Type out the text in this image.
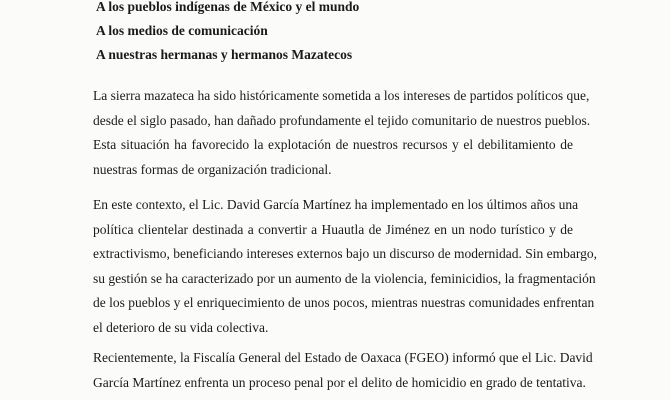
A los pueblos indígenas de México y el mundo
A los medios de comunicación
A nuestras hermanas y hermanos Mazatecos
La sierra mazateca ha sido históricamente sometida a los intereses de partidos políticos que,
desde el siglo pasado, han dañado profundamente el tejido comunitario de nuestros pueblos.
Esta situación ha favorecido la explotación de nuestros recursos y el debilitamiento de
nuestras formas de organización tradicional.
En este contexto, el Lic. David García Martínez ha implementado en los últimos años una
política clientelar destinada a convertir a Huautla de Jiménez en un nodo turístico y de
extractivismo, beneficiando intereses externos bajo un discurso de modernidad. Sin embargo,
su gestión se ha caracterizado por un aumento de la violencia, feminicidios, la fragmentación
de los pueblos y el enriquecimiento de unos pocos, mientras nuestras comunidades enfrentan
el deterioro de su vida colectiva.
Recientemente, la Fiscalía General del Estado de Oaxaca (FGEO) informó que el Lic. David
García Martínez enfrenta un proceso penal por el delito de homicidio en grado de tentativa.
